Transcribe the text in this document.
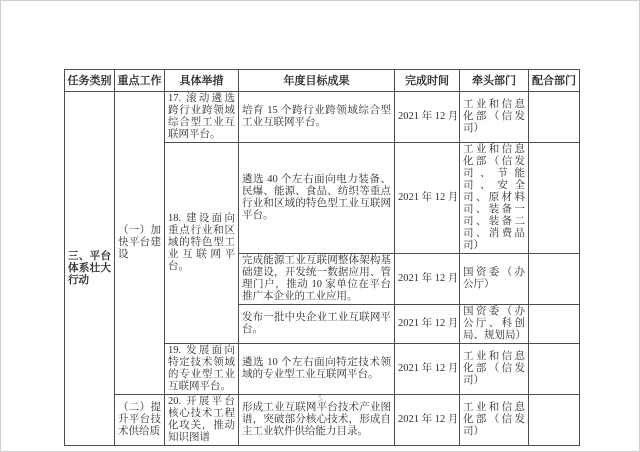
任务类别	重点工作	具体举措	年度目标成果	完成时间	牵头部门	配合部门
三、平台体系壮大行动	（一）加快平台建设	17. 滚动遴选跨行业跨领域综合型工业互联网平台。	培育 15 个跨行业跨领域综合型工业互联网平台。	2021 年 12 月	工业和信息化部（信发司）	
		18. 建设面向重点行业和区域的特色型工业互联网平台。	遴选 40 个左右面向电力装备、民爆、能源、食品、纺织等重点行业和区域的特色型工业互联网平台。	2021 年 12 月	工业和信息化部（信发司、节能司、安全司、原材料司、装备一司、装备二司、消费品司）	
			完成能源工业互联网整体架构基础建设，开发统一数据应用、管理门户，推动 10 家单位在平台推广本企业的工业应用。	2021 年 12 月	国资委（办公厅）	
			发布一批中央企业工业互联网平台。	2021 年 12 月	国资委（办公厅、科创局、规划局）	
		19. 发展面向特定技术领域的专业型工业互联网平台。	遴选 10 个左右面向特定技术领域的专业型工业互联网平台。	2021 年 12 月	工业和信息化部（信发司）	
	（二）提升平台技术供给质	20. 开展平台核心技术工程化攻关，推动知识图谱	形成工业互联网平台技术产业图谱，突破部分核心技术，形成自主工业软件供给能力目录。	2021 年 12 月	工业和信息化部（信发司）	
5
